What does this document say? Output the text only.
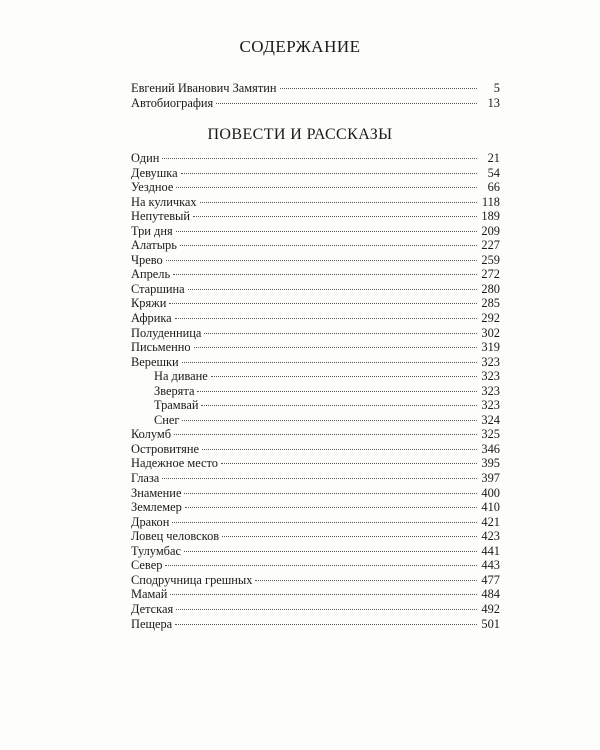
СОДЕРЖАНИЕ
Евгений Иванович Замятин	5
Автобиография	13
ПОВЕСТИ И РАССКАЗЫ
Один	21
Девушка	54
Уездное	66
На куличках	118
Непутевый	189
Три дня	209
Алатырь	227
Чрево	259
Апрель	272
Старшина	280
Кряжи	285
Африка	292
Полуденница	302
Письменно	319
Верешки	323
На диване	323
Зверята	323
Трамвай	323
Снег	324
Колумб	325
Островитяне	346
Надежное место	395
Глаза	397
Знамение	400
Землемер	410
Дракон	421
Ловец человсков	423
Тулумбас	441
Север	443
Сподручница грешных	477
Мамай	484
Детская	492
Пещера	501
